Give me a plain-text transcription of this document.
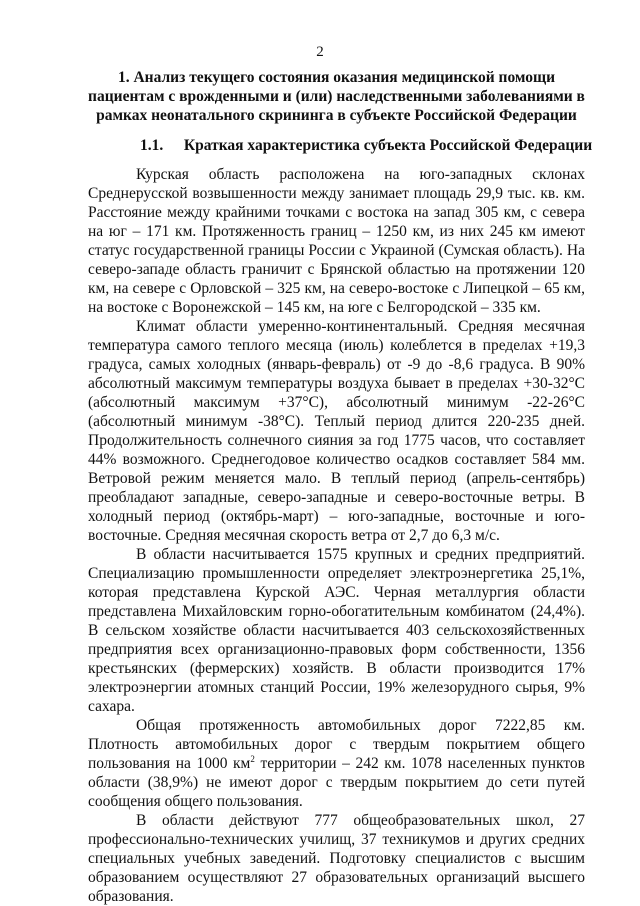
2
1. Анализ текущего состояния оказания медицинской помощи пациентам с врожденными и (или) наследственными заболеваниями в рамках неонатального скрининга в субъекте Российской Федерации
1.1. Краткая характеристика субъекта Российской Федерации

Курская область расположена на юго-западных склонах Среднерусской возвышенности между занимает площадь 29,9 тыс. кв. км. Расстояние между крайними точками с востока на запад 305 км, с севера на юг – 171 км. Протяженность границ – 1250 км, из них 245 км имеют статус государственной границы России с Украиной (Сумская область). На северо-западе область граничит с Брянской областью на протяжении 120 км, на севере с Орловской – 325 км, на северо-востоке с Липецкой – 65 км, на востоке с Воронежской – 145 км, на юге с Белгородской – 335 км.

Климат области умеренно-континентальный. Средняя месячная температура самого теплого месяца (июль) колеблется в пределах +19,3 градуса, самых холодных (январь-февраль) от -9 до -8,6 градуса. В 90% абсолютный максимум температуры воздуха бывает в пределах +30-32°С (абсолютный максимум +37°С), абсолютный минимум -22-26°С (абсолютный минимум -38°С). Теплый период длится 220-235 дней. Продолжительность солнечного сияния за год 1775 часов, что составляет 44% возможного. Среднегодовое количество осадков составляет 584 мм. Ветровой режим меняется мало. В теплый период (апрель-сентябрь) преобладают западные, северо-западные и северо-восточные ветры. В холодный период (октябрь-март) – юго-западные, восточные и юго-восточные. Средняя месячная скорость ветра от 2,7 до 6,3 м/с.

В области насчитывается 1575 крупных и средних предприятий. Специализацию промышленности определяет электроэнергетика 25,1%, которая представлена Курской АЭС. Черная металлургия области представлена Михайловским горно-обогатительным комбинатом (24,4%). В сельском хозяйстве области насчитывается 403 сельскохозяйственных предприятия всех организационно-правовых форм собственности, 1356 крестьянских (фермерских) хозяйств. В области производится 17% электроэнергии атомных станций России, 19% железорудного сырья, 9% сахара.

Общая протяженность автомобильных дорог 7222,85 км. Плотность автомобильных дорог с твердым покрытием общего пользования на 1000 $км^2$ территории – 242 км. 1078 населенных пунктов области (38,9%) не имеют дорог с твердым покрытием до сети путей сообщения общего пользования.

В области действуют 777 общеобразовательных школ, 27 профессионально-технических училищ, 37 техникумов и других средних специальных учебных заведений. Подготовку специалистов с высшим образованием осуществляют 27 образовательных организаций высшего образования.
